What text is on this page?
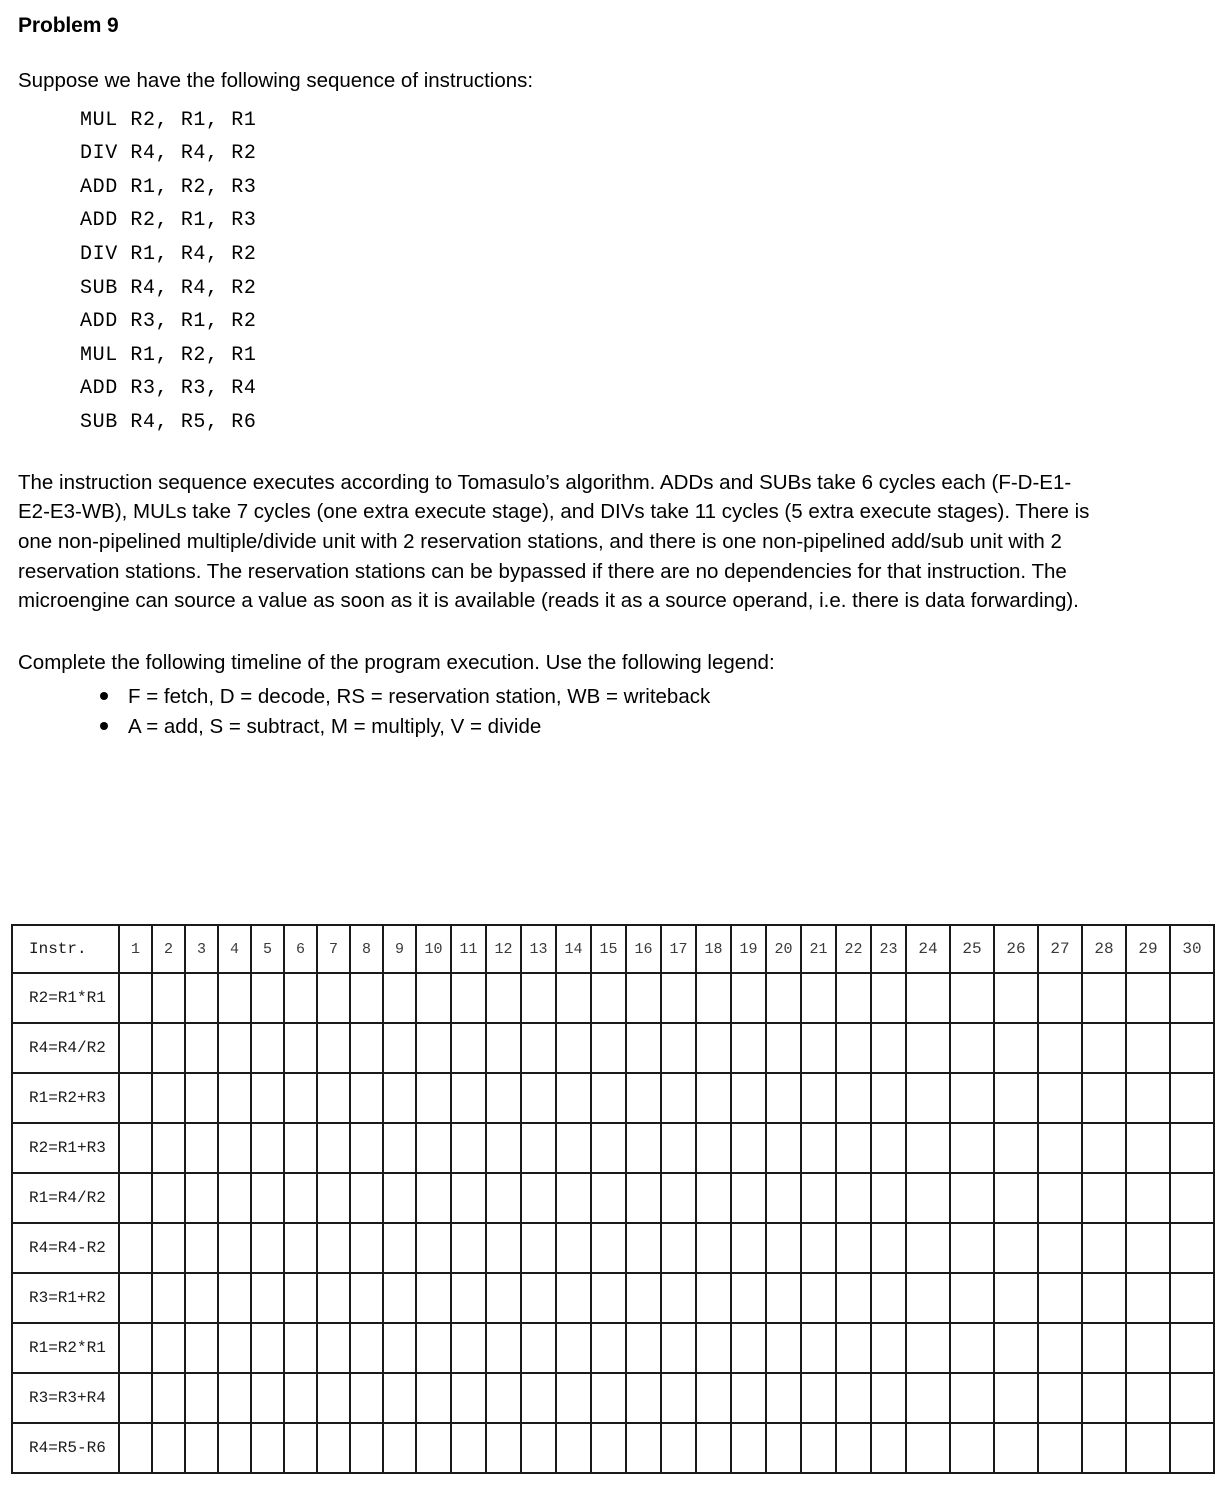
Problem 9

Suppose we have the following sequence of instructions:

MUL R2, R1, R1
DIV R4, R4, R2
ADD R1, R2, R3
ADD R2, R1, R3
DIV R1, R4, R2
SUB R4, R4, R2
ADD R3, R1, R2
MUL R1, R2, R1
ADD R3, R3, R4
SUB R4, R5, R6

The instruction sequence executes according to Tomasulo’s algorithm. ADDs and SUBs take 6 cycles each (F-D-E1-E2-E3-WB), MULs take 7 cycles (one extra execute stage), and DIVs take 11 cycles (5 extra execute stages). There is one non-pipelined multiple/divide unit with 2 reservation stations, and there is one non-pipelined add/sub unit with 2 reservation stations. The reservation stations can be bypassed if there are no dependencies for that instruction. The microengine can source a value as soon as it is available (reads it as a source operand, i.e. there is data forwarding).

Complete the following timeline of the program execution. Use the following legend:

F = fetch, D = decode, RS = reservation station, WB = writeback
A = add, S = subtract, M = multiply, V = divide
Instr.	1	2	3	4	5	6	7	8	9	10	11	12	13	14	15	16	17	18	19	20	21	22	23	24	25	26	27	28	29	30
R2=R1*R1																														
R4=R4/R2																														
R1=R2+R3																														
R2=R1+R3																														
R1=R4/R2																														
R4=R4-R2																														
R3=R1+R2																														
R1=R2*R1																														
R3=R3+R4																														
R4=R5-R6																														
